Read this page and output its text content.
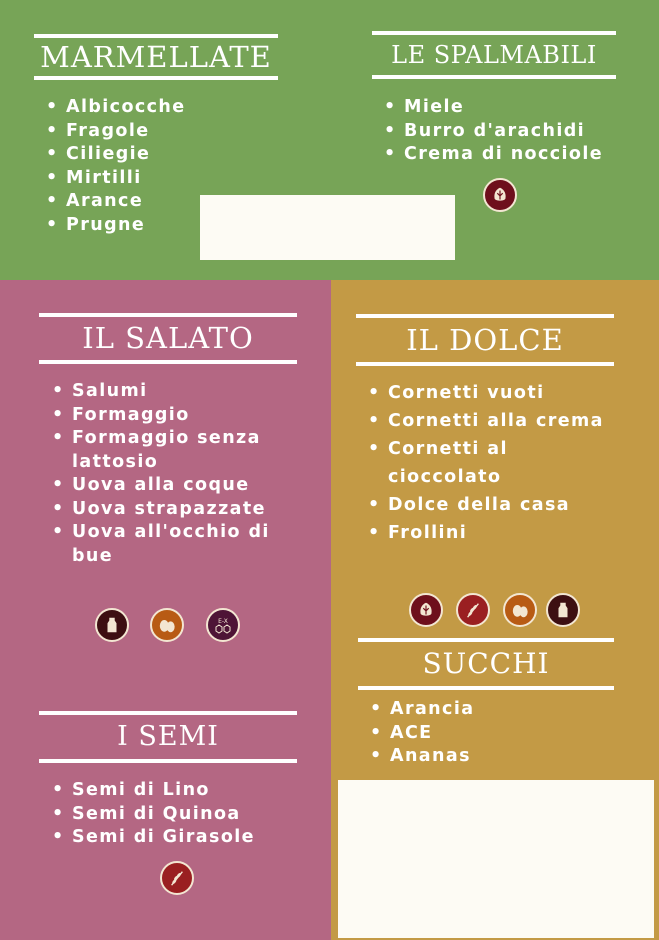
MARMELLATE
• Albicocche
• Fragole
• Ciliegie
• Mirtilli
• Arance
• Prugne
LE SPALMABILI
• Miele
• Burro d'arachidi
• Crema di nocciole
IL SALATO
• Salumi
• Formaggio
• Formaggio senza lattosio
• Uova alla coque
• Uova strapazzate
• Uova all'occhio di bue
E-X
IL DOLCE
• Cornetti vuoti
• Cornetti alla crema
• Cornetti al cioccolato
• Dolce della casa
• Frollini
SUCCHI
• Arancia
• ACE
• Ananas
I SEMI
• Semi di Lino
• Semi di Quinoa
• Semi di Girasole
